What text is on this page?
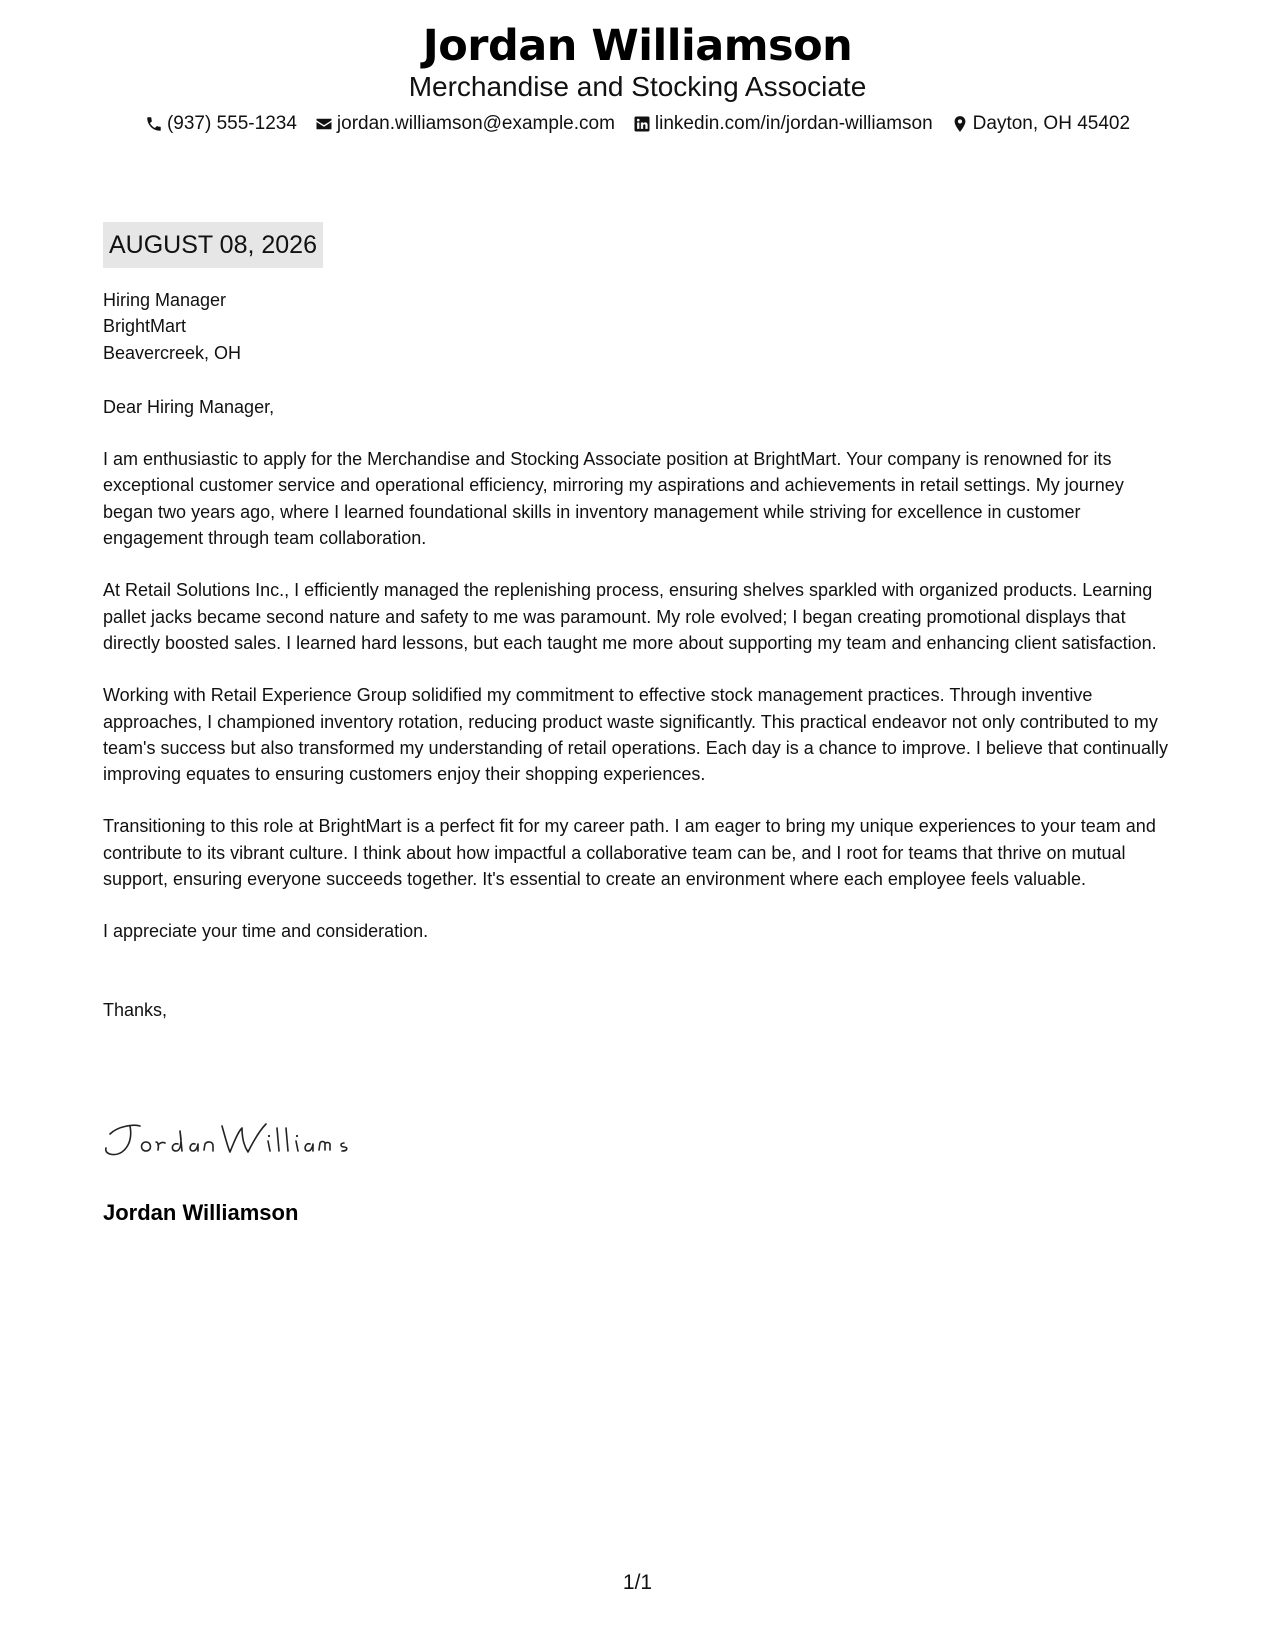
Jordan Williamson
Merchandise and Stocking Associate
(937) 555-1234 jordan.williamson@example.com linkedin.com/in/jordan-williamson Dayton, OH 45402
AUGUST 08, 2026
Hiring Manager
BrightMart
Beavercreek, OH
Dear Hiring Manager,
I am enthusiastic to apply for the Merchandise and Stocking Associate position at BrightMart. Your company is renowned for its exceptional customer service and operational efficiency, mirroring my aspirations and achievements in retail settings. My journey began two years ago, where I learned foundational skills in inventory management while striving for excellence in customer engagement through team collaboration.
At Retail Solutions Inc., I efficiently managed the replenishing process, ensuring shelves sparkled with organized products. Learning pallet jacks became second nature and safety to me was paramount. My role evolved; I began creating promotional displays that directly boosted sales. I learned hard lessons, but each taught me more about supporting my team and enhancing client satisfaction.
Working with Retail Experience Group solidified my commitment to effective stock management practices. Through inventive approaches, I championed inventory rotation, reducing product waste significantly. This practical endeavor not only contributed to my team's success but also transformed my understanding of retail operations. Each day is a chance to improve. I believe that continually improving equates to ensuring customers enjoy their shopping experiences.
Transitioning to this role at BrightMart is a perfect fit for my career path. I am eager to bring my unique experiences to your team and contribute to its vibrant culture. I think about how impactful a collaborative team can be, and I root for teams that thrive on mutual support, ensuring everyone succeeds together. It's essential to create an environment where each employee feels valuable.
I appreciate your time and consideration.
Thanks,
Jordan Williamson
1/1
